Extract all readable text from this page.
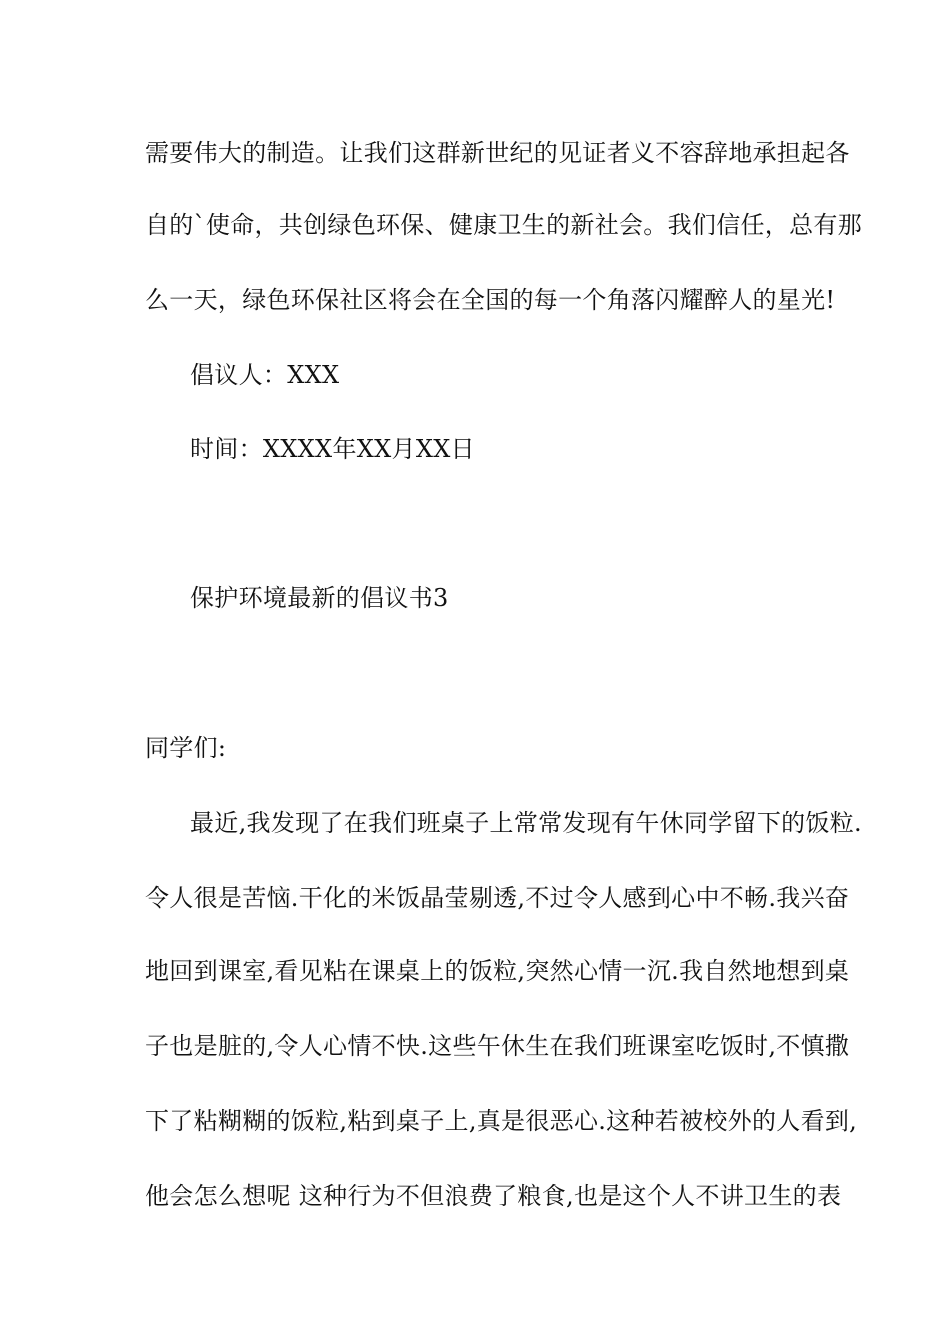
需要伟大的制造。让我们这群新世纪的见证者义不容辞地承担起各
自的`使命，共创绿色环保、健康卫生的新社会。我们信任，总有那
么一天，绿色环保社区将会在全国的每一个角落闪耀醉人的星光!
倡议人：XXX
时间：XXXX年XX月XX日
保护环境最新的倡议书3
同学们:
最近,我发现了在我们班桌子上常常发现有午休同学留下的饭粒.
令人很是苦恼.干化的米饭晶莹剔透,不过令人感到心中不畅.我兴奋
地回到课室,看见粘在课桌上的饭粒,突然心情一沉.我自然地想到桌
子也是脏的,令人心情不快.这些午休生在我们班课室吃饭时,不慎撒
下了粘糊糊的饭粒,粘到桌子上,真是很恶心.这种若被校外的人看到,
他会怎么想呢 这种行为不但浪费了粮食,也是这个人不讲卫生的表
